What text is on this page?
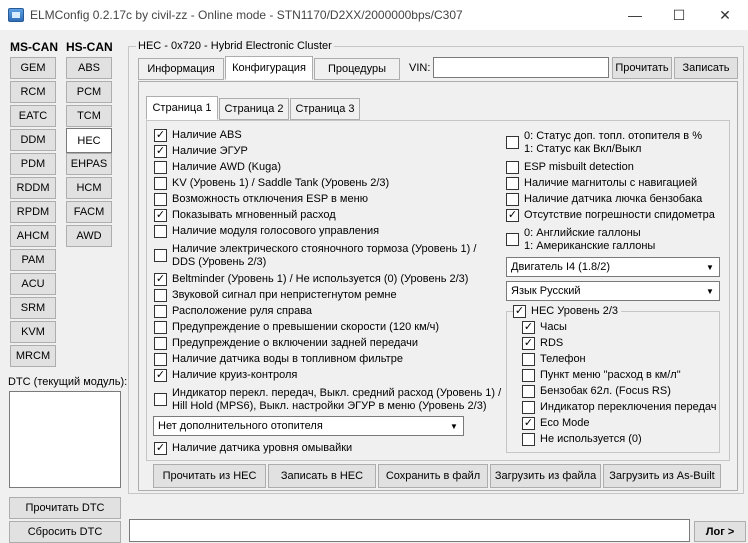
ELMConfig 0.2.17c by civil-zz - Online mode - STN1170/D2XX/2000000bps/C307	—	☐	✕
MS-CAN HS-CAN
GEM
RCM
EATC
DDM
PDM
RDDM
RPDM
AHCM
PAM
ACU
SRM
KVM
MRCM
ABS
PCM
TCM
HEC
EHPAS
HCM
FACM
AWD
DTC (текущий модуль):
Прочитать DTC
Сбросить DTC
HEC - 0x720 - Hybrid Electronic Cluster
Информация	Конфигурация	Процедуры	VIN:	Прочитать	Записать
Страница 1	Страница 2	Страница 3
✓
Наличие ABS
✓
Наличие ЭГУР
Наличие AWD (Kuga)
KV (Уровень 1) / Saddle Tank (Уровень 2/3)
Возможность отключения ESP в меню
✓
Показывать мгновенный расход
Наличие модуля голосового управления
Наличие электрического стояночного тормоза (Уровень 1) /
DDS (Уровень 2/3)
✓
Beltminder (Уровень 1) / Не используется (0) (Уровень 2/3)
Звуковой сигнал при непристегнутом ремне
Расположение руля справа
Предупреждение о превышении скорости (120 км/ч)
Предупреждение о включении задней передачи
Наличие датчика воды в топливном фильтре
✓
Наличие круиз-контроля
Индикатор перекл. передач, Выкл. средний расход (Уровень 1) /
Hill Hold (MPS6), Выкл. настройки ЭГУР в меню (Уровень 2/3)
Нет дополнительного отопителя	▼
✓
Наличие датчика уровня омывайки
0: Статус доп. топл. отопителя в %
1: Статус как Вкл/Выкл
ESP misbuilt detection
Наличие магнитолы с навигацией
Наличие датчика лючка бензобака
✓
Отсутствие погрешности спидометра
0: Английские галлоны
1: Американские галлоны
Двигатель I4 (1.8/2)	▼
Язык Русский	▼
✓
HEC Уровень 2/3
✓
Часы
✓
RDS
Телефон
Пункт меню "расход в км/л"
Бензобак 62л. (Focus RS)
Индикатор переключения передач
✓
Eco Mode
Не используется (0)
Прочитать из HEC	Записать в HEC	Сохранить в файл	Загрузить из файла	Загрузить из As-Built
Лог >
